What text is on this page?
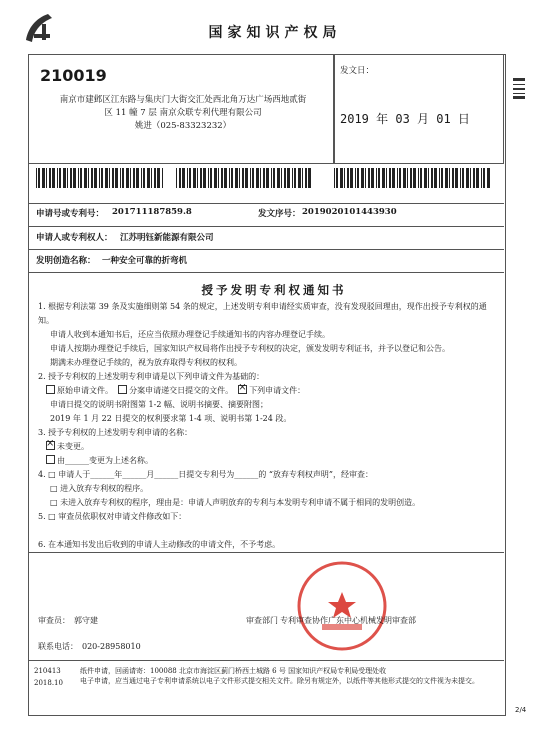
国家知识产权局
210019
南京市建邺区江东路与集庆门大街交汇处西北角万达广场西地贰街
区 11 幢 7 层 南京众联专利代理有限公司
姚进（025-83323232）
发文日：
2019 年 03 月 01 日
申请号或专利号： 201711187859.8	发文序号： 2019020101443930
申请人或专利权人： 江苏明钰新能源有限公司
发明创造名称： 一种安全可靠的折弯机
授予发明专利权通知书
1. 根据专利法第 39 条及实施细则第 54 条的规定，上述发明专利申请经实质审查，没有发现驳回理由，现作出授予专利权的通知。
申请人收到本通知书后，还应当依照办理登记手续通知书的内容办理登记手续。
申请人按期办理登记手续后，国家知识产权局将作出授予专利权的决定，颁发发明专利证书，并予以登记和公告。
期满未办理登记手续的，视为放弃取得专利权的权利。
2. 授予专利权的上述发明专利申请是以下列申请文件为基础的：
原始申请文件。 分案申请递交日提交的文件。  × 下列申请文件：
申请日提交的说明书附图第 1-2 幅、说明书摘要、摘要附图；
2019 年 1 月 22 日提交的权利要求第 1-4 项、说明书第 1-24 段。
3. 授予专利权的上述发明专利申请的名称：
×未变更。
由______变更为上述名称。
4. □ 申请人于______年______月______日提交专利号为______的 “放弃专利权声明”，经审查：
□ 进入放弃专利权的程序。
□ 未进入放弃专利权的程序，理由是：申请人声明放弃的专利与本发明专利申请不属于相同的发明创造。
5. □ 审查员依职权对申请文件修改如下：
6. 在本通知书发出后收到的申请人主动修改的申请文件，不予考虑。
审查员： 郭守建
联系电话： 020-28958010
审查部门 专利审查协作广东中心机械发明审查部
210413
2018.10
纸件申请，回函请寄：100088 北京市海淀区蓟门桥西土城路 6 号 国家知识产权局专利局受理处收
电子申请，应当通过电子专利申请系统以电子文件形式提交相关文件。除另有规定外，以纸件等其他形式提交的文件视为未提交。
2/4
